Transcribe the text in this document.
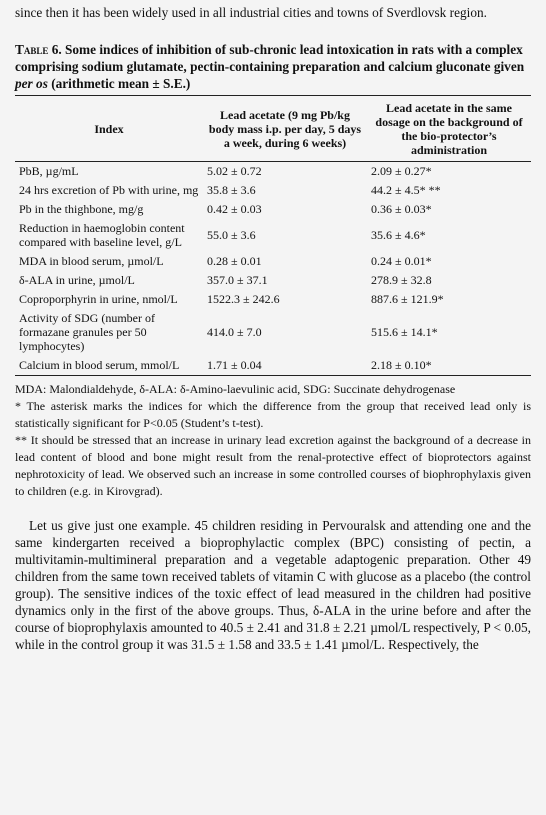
since then it has been widely used in all industrial cities and towns of Sverdlovsk region.

Table 6. Some indices of inhibition of sub-chronic lead intoxication in rats with a complex comprising sodium glutamate, pectin-containing preparation and calcium gluconate given per os (arithmetic mean ± S.E.)

Index	Lead acetate (9 mg Pb/kg body mass i.p. per day, 5 days a week, during 6 weeks)	Lead acetate in the same dosage on the background of the bio-protector’s administration
PbB, µg/mL	5.02 ± 0.72	2.09 ± 0.27*
24 hrs excretion of Pb with urine, mg	35.8 ± 3.6	44.2 ± 4.5* **
Pb in the thighbone, mg/g	0.42 ± 0.03	0.36 ± 0.03*
Reduction in haemoglobin content compared with baseline level, g/L	55.0 ± 3.6	35.6 ± 4.6*
MDA in blood serum, µmol/L	0.28 ± 0.01	0.24 ± 0.01*
δ-ALA in urine, µmol/L	357.0 ± 37.1	278.9 ± 32.8
Coproporphyrin in urine, nmol/L	1522.3 ± 242.6	887.6 ± 121.9*
Activity of SDG (number of formazane granules per 50 lymphocytes)	414.0 ± 7.0	515.6 ± 14.1*
Calcium in blood serum, mmol/L	1.71 ± 0.04	2.18 ± 0.10*

MDA: Malondialdehyde, δ-ALA: δ-Amino-laevulinic acid, SDG: Succinate dehydrogenase

* The asterisk marks the indices for which the difference from the group that received lead only is statistically significant for P<0.05 (Student’s t-test).

** It should be stressed that an increase in urinary lead excretion against the background of a decrease in lead content of blood and bone might result from the renal-protective effect of bioprotectors against nephrotoxicity of lead. We observed such an increase in some controlled courses of biophrophylaxis given to children (e.g. in Kirovgrad).

Let us give just one example. 45 children residing in Pervouralsk and attending one and the same kindergarten received a bioprophylactic complex (BPC) consisting of pectin, a multivitamin-multimineral preparation and a vegetable adaptogenic preparation. Other 49 children from the same town received tablets of vitamin C with glucose as a placebo (the control group). The sensitive indices of the toxic effect of lead measured in the children had positive dynamics only in the first of the above groups. Thus, δ-ALA in the urine before and after the course of bioprophylaxis amounted to 40.5 ± 2.41 and 31.8 ± 2.21 µmol/L respectively, P < 0.05, while in the control group it was 31.5 ± 1.58 and 33.5 ± 1.41 µmol/L. Respectively, the
